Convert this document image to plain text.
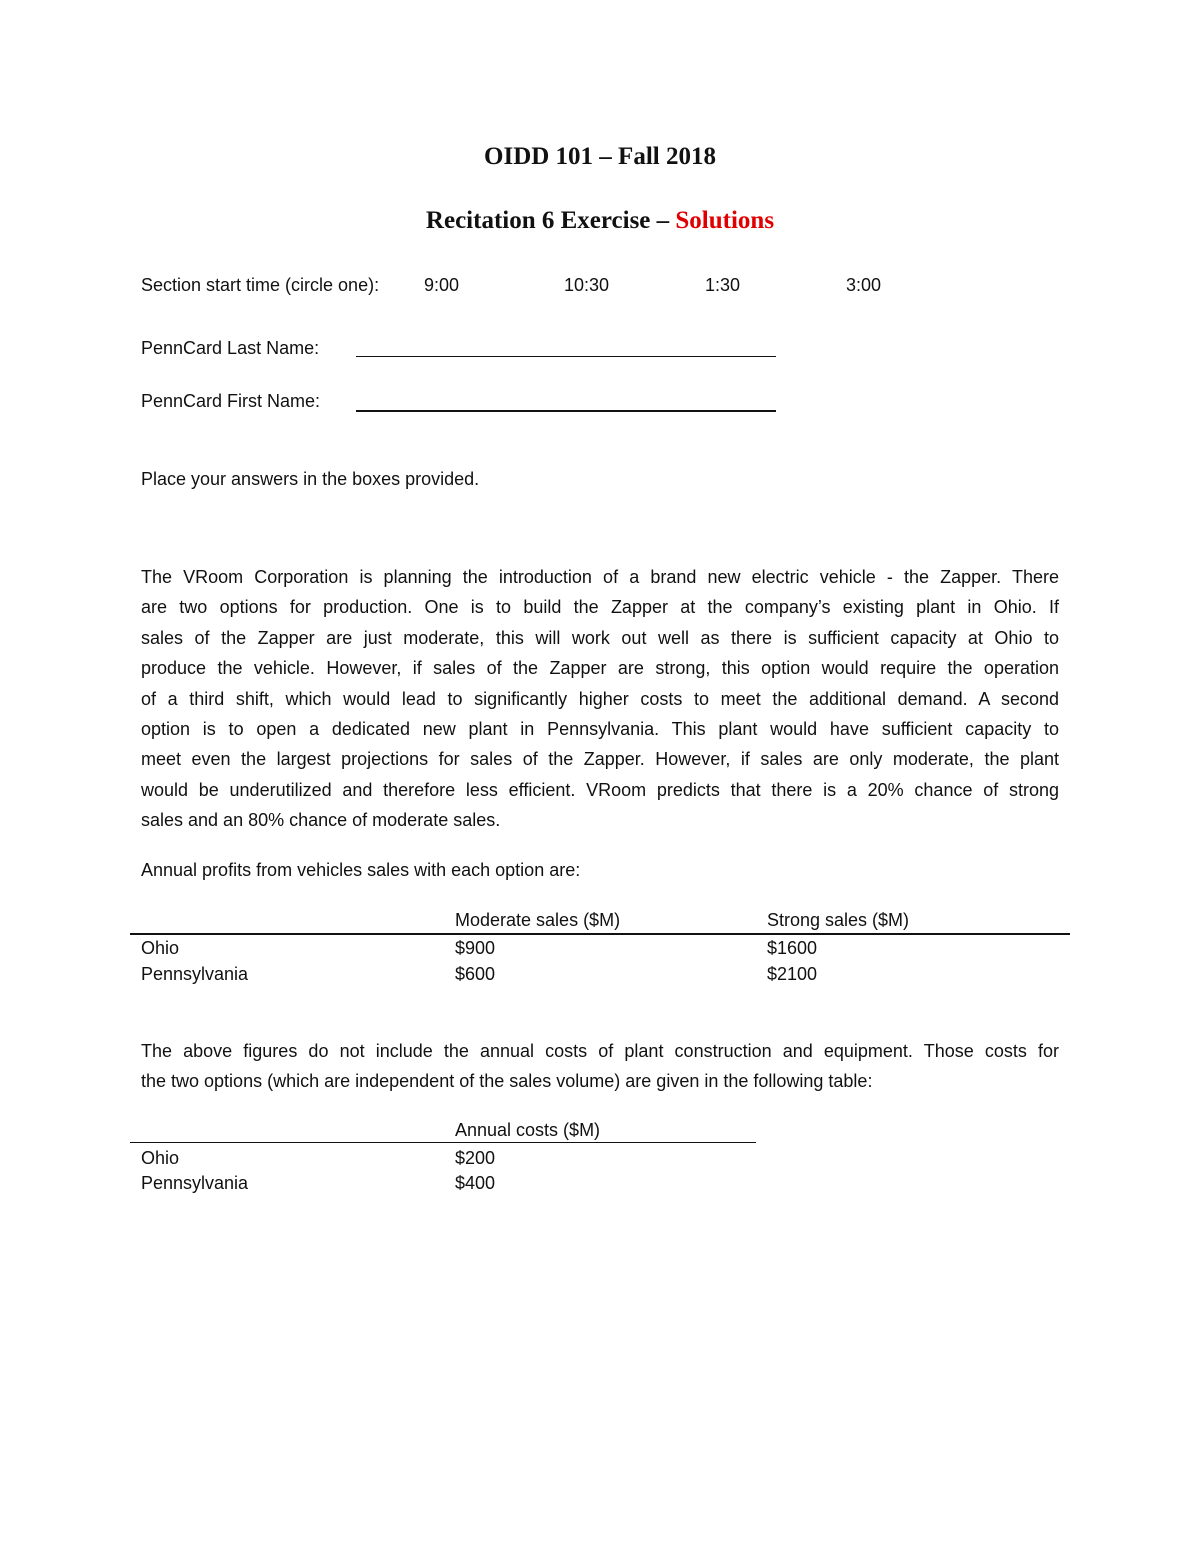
OIDD 101 – Fall 2018
Recitation 6 Exercise – Solutions
Section start time (circle one): 9:00	10:30	1:30	3:00
PennCard Last Name:
PennCard First Name:
Place your answers in the boxes provided.
The VRoom Corporation is planning the introduction of a brand new electric vehicle - the Zapper. There
are two options for production. One is to build the Zapper at the company’s existing plant in Ohio. If
sales of the Zapper are just moderate, this will work out well as there is sufficient capacity at Ohio to
produce the vehicle. However, if sales of the Zapper are strong, this option would require the operation
of a third shift, which would lead to significantly higher costs to meet the additional demand. A second
option is to open a dedicated new plant in Pennsylvania. This plant would have sufficient capacity to
meet even the largest projections for sales of the Zapper. However, if sales are only moderate, the plant
would be underutilized and therefore less efficient. VRoom predicts that there is a 20% chance of strong
sales and an 80% chance of moderate sales.
Annual profits from vehicles sales with each option are:
Moderate sales ($M)	Strong sales ($M)
Ohio	$900	$1600
Pennsylvania	$600	$2100
The above figures do not include the annual costs of plant construction and equipment. Those costs for
the two options (which are independent of the sales volume) are given in the following table:
Annual costs ($M)
Ohio	$200
Pennsylvania	$400
